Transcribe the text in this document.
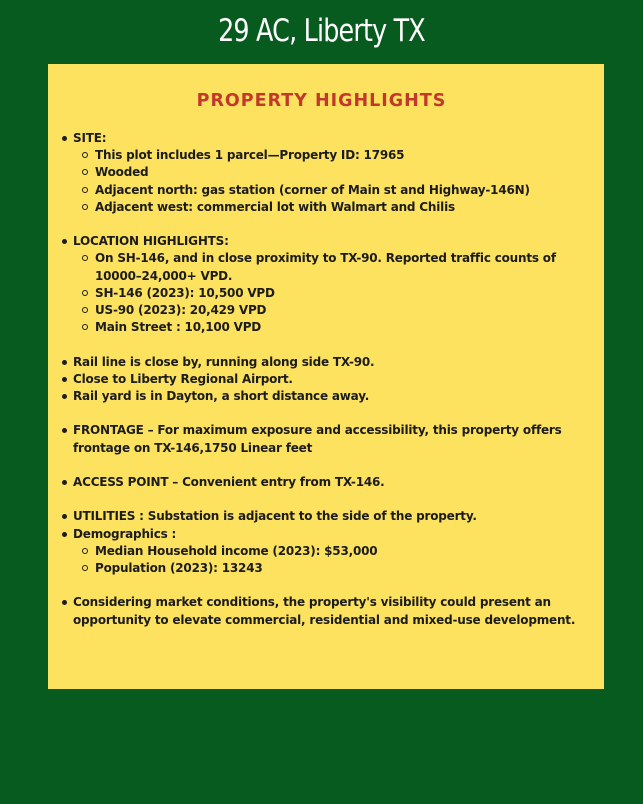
29 AC, Liberty TX
PROPERTY HIGHLIGHTS
SITE:
This plot includes 1 parcel—Property ID: 17965
Wooded
Adjacent north: gas station (corner of Main st and Highway-146N)
Adjacent west: commercial lot with Walmart and Chilis
LOCATION HIGHLIGHTS:
On SH-146, and in close proximity to TX-90. Reported traffic counts of 10000–24,000+ VPD.
SH-146 (2023): 10,500 VPD
US-90 (2023): 20,429 VPD
Main Street : 10,100 VPD
Rail line is close by, running along side TX-90.
Close to Liberty Regional Airport.
Rail yard is in Dayton, a short distance away.
FRONTAGE – For maximum exposure and accessibility, this property offers frontage on TX-146,1750 Linear feet
ACCESS POINT – Convenient entry from TX-146.
UTILITIES : Substation is adjacent to the side of the property.
Demographics :
Median Household income (2023): $53,000
Population (2023): 13243
Considering market conditions, the property's visibility could present an opportunity to elevate commercial, residential and mixed-use development.
